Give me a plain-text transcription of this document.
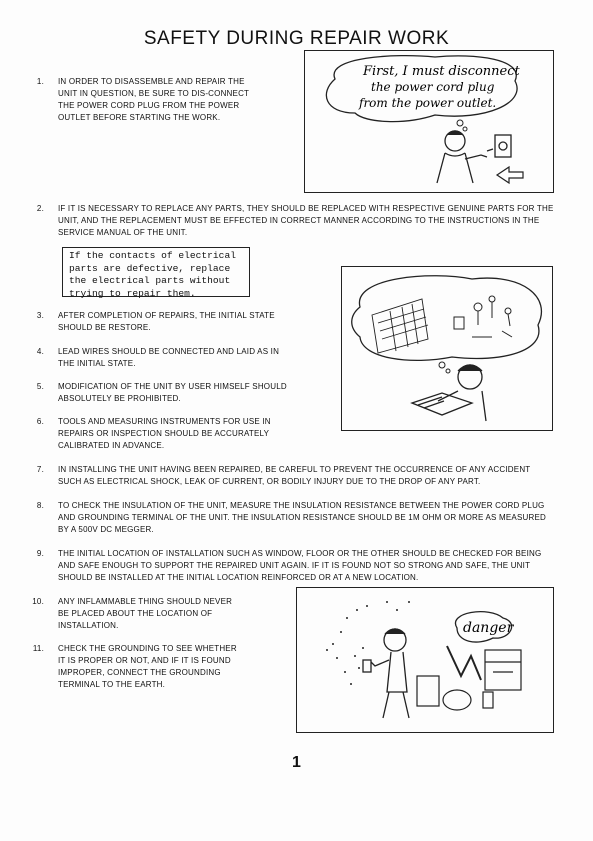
SAFETY DURING REPAIR WORK
1.	IN ORDER TO DISASSEMBLE AND REPAIR THE UNIT IN QUESTION, BE SURE TO DIS-CONNECT THE POWER CORD PLUG FROM THE POWER OUTLET BEFORE STARTING THE WORK.
First, I must disconnect
the power cord plug
from the power outlet.
2.	IF IT IS NECESSARY TO REPLACE ANY PARTS, THEY SHOULD BE REPLACED WITH RESPECTIVE GENUINE PARTS FOR THE UNIT, AND THE REPLACEMENT MUST BE EFFECTED IN CORRECT MANNER ACCORDING TO THE INSTRUCTIONS IN THE SERVICE MANUAL OF THE UNIT.
If the contacts of electrical
parts are defective, replace
the electrical parts without
trying to repair them.
3.	AFTER COMPLETION OF REPAIRS, THE INITIAL STATE SHOULD BE RESTORE.
4.	LEAD WIRES SHOULD BE CONNECTED AND LAID AS IN THE INITIAL STATE.
5.	MODIFICATION OF THE UNIT BY USER HIMSELF SHOULD ABSOLUTELY BE PROHIBITED.
6.	TOOLS AND MEASURING INSTRUMENTS FOR USE IN REPAIRS OR INSPECTION SHOULD BE ACCURATELY CALIBRATED IN ADVANCE.
7.	IN INSTALLING THE UNIT HAVING BEEN REPAIRED, BE CAREFUL TO PREVENT THE OCCURRENCE OF ANY ACCIDENT SUCH AS ELECTRICAL SHOCK, LEAK OF CURRENT, OR BODILY INJURY DUE TO THE DROP OF ANY PART.
8.	TO CHECK THE INSULATION OF THE UNIT, MEASURE THE INSULATION RESISTANCE BETWEEN THE POWER CORD PLUG AND GROUNDING TERMINAL OF THE UNIT. THE INSULATION RESISTANCE SHOULD BE 1M OHM OR MORE AS MEASURED BY A 500V DC MEGGER.
9.	THE INITIAL LOCATION OF INSTALLATION SUCH AS WINDOW, FLOOR OR THE OTHER SHOULD BE CHECKED FOR BEING AND SAFE ENOUGH TO SUPPORT THE REPAIRED UNIT AGAIN. IF IT IS FOUND NOT SO STRONG AND SAFE, THE UNIT SHOULD BE INSTALLED AT THE INITIAL LOCATION REINFORCED OR AT A NEW LOCATION.
10.	ANY INFLAMMABLE THING SHOULD NEVER BE PLACED ABOUT THE LOCATION OF INSTALLATION.
11.	CHECK THE GROUNDING TO SEE WHETHER IT IS PROPER OR NOT, AND IF IT IS FOUND IMPROPER, CONNECT THE GROUNDING TERMINAL TO THE EARTH.
danger
1
